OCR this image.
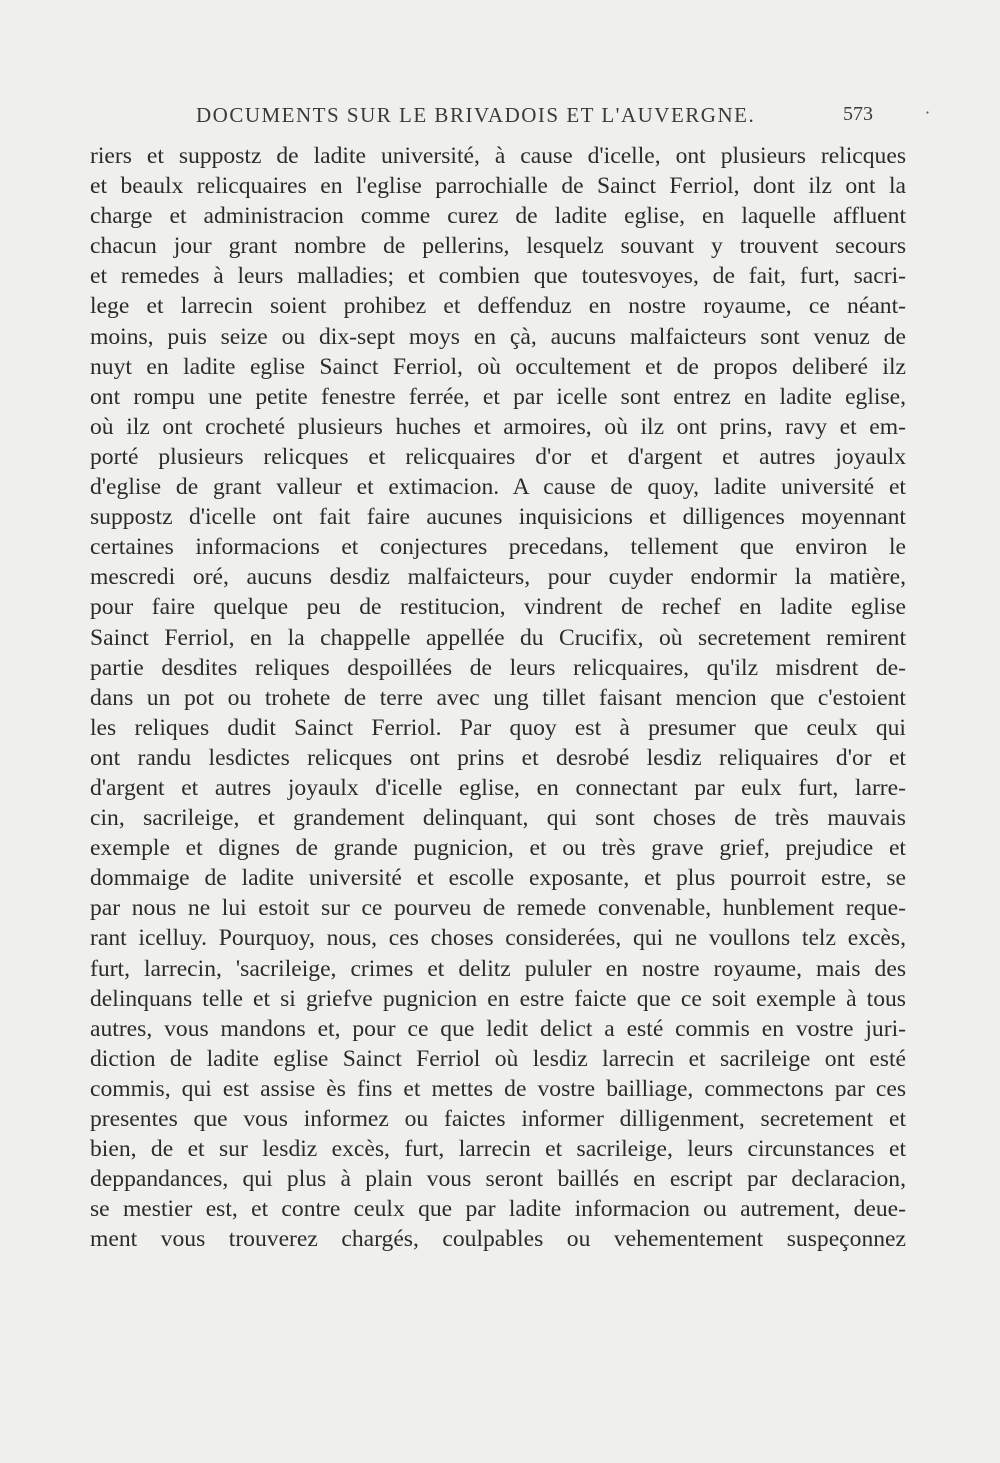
DOCUMENTS SUR LE BRIVADOIS ET L'AUVERGNE.	573	·
riers et suppostz de ladite université, à cause d'icelle, ont plusieurs relicques
et beaulx relicquaires en l'eglise parrochialle de Sainct Ferriol, dont ilz ont la
charge et administracion comme curez de ladite eglise, en laquelle affluent
chacun jour grant nombre de pellerins, lesquelz souvant y trouvent secours
et remedes à leurs malladies; et combien que toutesvoyes, de fait, furt, sacri-
lege et larrecin soient prohibez et deffenduz en nostre royaume, ce néant-
moins, puis seize ou dix-sept moys en çà, aucuns malfaicteurs sont venuz de
nuyt en ladite eglise Sainct Ferriol, où occultement et de propos deliberé ilz
ont rompu une petite fenestre ferrée, et par icelle sont entrez en ladite eglise,
où ilz ont crocheté plusieurs huches et armoires, où ilz ont prins, ravy et em-
porté plusieurs relicques et relicquaires d'or et d'argent et autres joyaulx
d'eglise de grant valleur et extimacion. A cause de quoy, ladite université et
suppostz d'icelle ont fait faire aucunes inquisicions et dilligences moyennant
certaines informacions et conjectures precedans, tellement que environ le
mescredi oré, aucuns desdiz malfaicteurs, pour cuyder endormir la matière,
pour faire quelque peu de restitucion, vindrent de rechef en ladite eglise
Sainct Ferriol, en la chappelle appellée du Crucifix, où secretement remirent
partie desdites reliques despoillées de leurs relicquaires, qu'ilz misdrent de-
dans un pot ou trohete de terre avec ung tillet faisant mencion que c'estoient
les reliques dudit Sainct Ferriol. Par quoy est à presumer que ceulx qui
ont randu lesdictes relicques ont prins et desrobé lesdiz reliquaires d'or et
d'argent et autres joyaulx d'icelle eglise, en connectant par eulx furt, larre-
cin, sacrileige, et grandement delinquant, qui sont choses de très mauvais
exemple et dignes de grande pugnicion, et ou très grave grief, prejudice et
dommaige de ladite université et escolle exposante, et plus pourroit estre, se
par nous ne lui estoit sur ce pourveu de remede convenable, hunblement reque-
rant icelluy. Pourquoy, nous, ces choses considerées, qui ne voullons telz excès,
furt, larrecin, 'sacrileige, crimes et delitz pululer en nostre royaume, mais des
delinquans telle et si griefve pugnicion en estre faicte que ce soit exemple à tous
autres, vous mandons et, pour ce que ledit delict a esté commis en vostre juri-
diction de ladite eglise Sainct Ferriol où lesdiz larrecin et sacrileige ont esté
commis, qui est assise ès fins et mettes de vostre bailliage, commectons par ces
presentes que vous informez ou faictes informer dilligenment, secretement et
bien, de et sur lesdiz excès, furt, larrecin et sacrileige, leurs circunstances et
deppandances, qui plus à plain vous seront baillés en escript par declaracion,
se mestier est, et contre ceulx que par ladite informacion ou autrement, deue-
ment vous trouverez chargés, coulpables ou vehementement suspeçonnez
